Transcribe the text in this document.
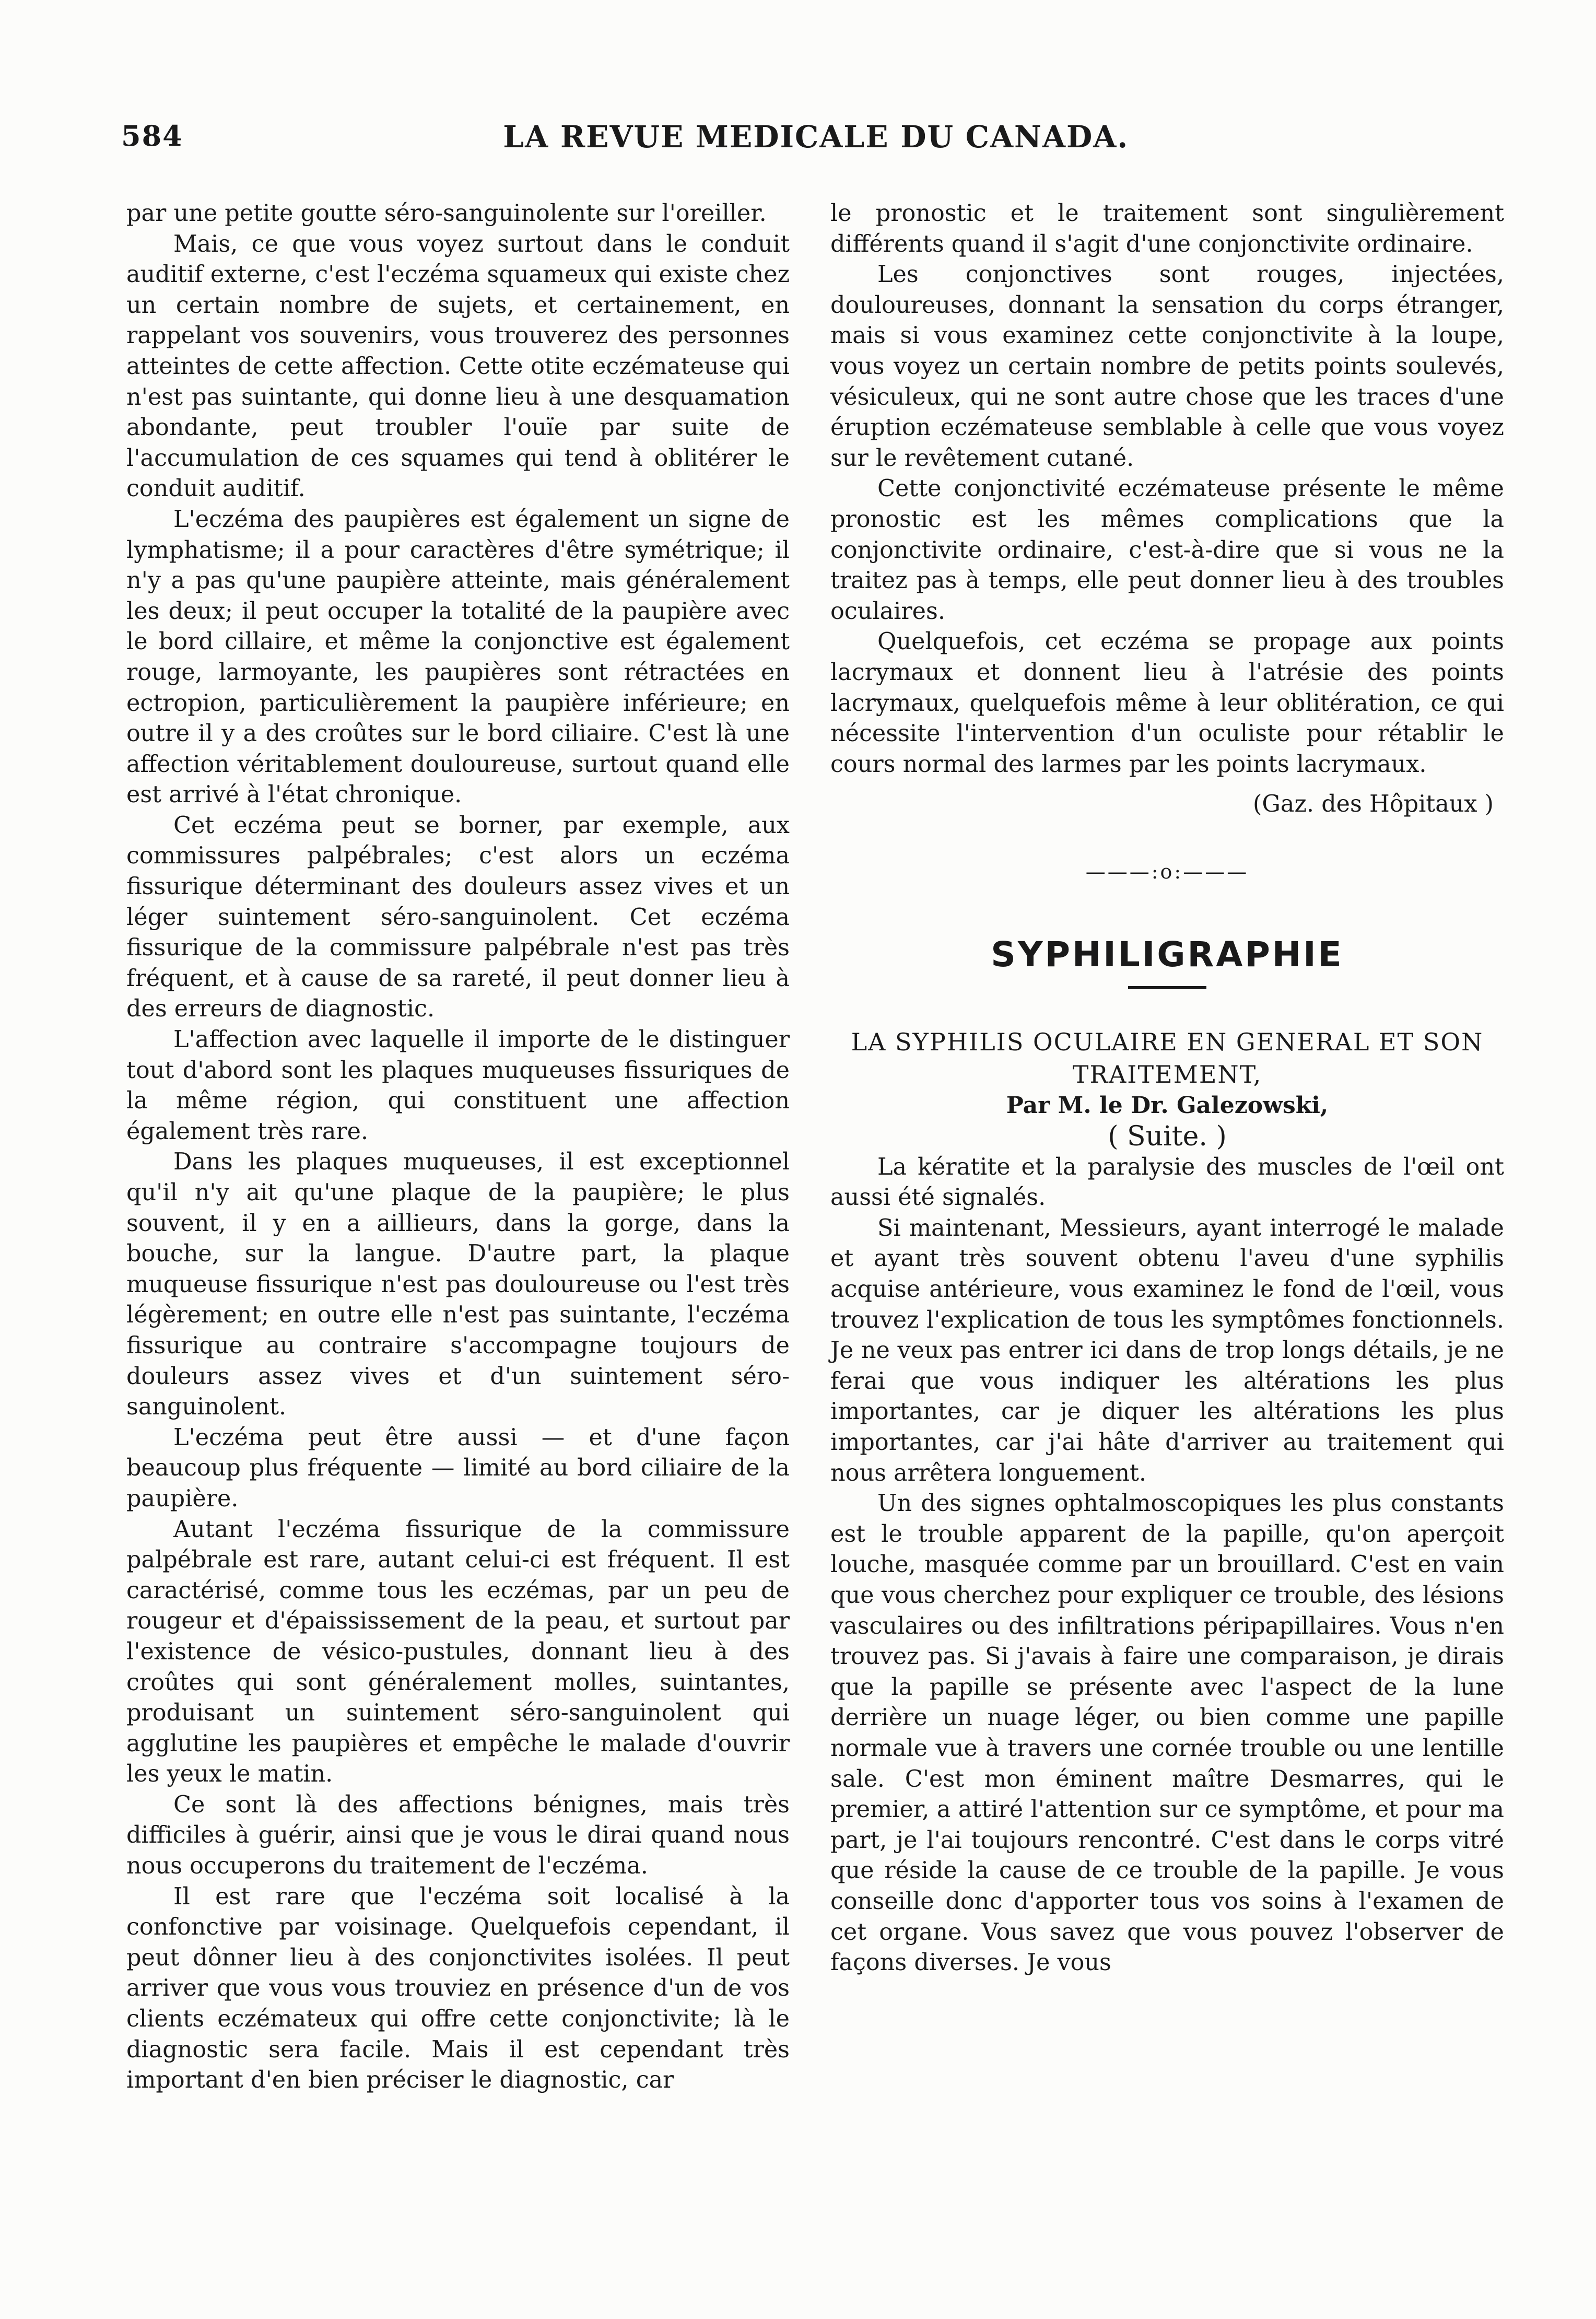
584	LA REVUE MEDICALE DU CANADA.

par une petite goutte séro-sanguinolente sur l'oreiller.

Mais, ce que vous voyez surtout dans le conduit auditif externe, c'est l'eczéma squameux qui existe chez un certain nombre de sujets, et certainement, en rappelant vos souvenirs, vous trouverez des personnes atteintes de cette affection. Cette otite eczémateuse qui n'est pas suintante, qui donne lieu à une desquamation abondante, peut troubler l'ouïe par suite de l'accumulation de ces squames qui tend à oblitérer le conduit auditif.

L'eczéma des paupières est également un signe de lymphatisme; il a pour caractères d'être symétrique; il n'y a pas qu'une paupière atteinte, mais généralement les deux; il peut occuper la totalité de la paupière avec le bord cillaire, et même la conjonctive est également rouge, larmoyante, les paupières sont rétractées en ectropion, particulièrement la paupière inférieure; en outre il y a des croûtes sur le bord ciliaire. C'est là une affection véritablement douloureuse, surtout quand elle est arrivé à l'état chronique.

Cet eczéma peut se borner, par exemple, aux commissures palpébrales; c'est alors un eczéma fissurique déterminant des douleurs assez vives et un léger suintement séro-sanguinolent. Cet eczéma fissurique de la commissure palpébrale n'est pas très fréquent, et à cause de sa rareté, il peut donner lieu à des erreurs de diagnostic.

L'affection avec laquelle il importe de le distinguer tout d'abord sont les plaques muqueuses fissuriques de la même région, qui constituent une affection également très rare.

Dans les plaques muqueuses, il est exceptionnel qu'il n'y ait qu'une plaque de la paupière; le plus souvent, il y en a aillieurs, dans la gorge, dans la bouche, sur la langue. D'autre part, la plaque muqueuse fissurique n'est pas douloureuse ou l'est très légèrement; en outre elle n'est pas suintante, l'eczéma fissurique au contraire s'accompagne toujours de douleurs assez vives et d'un suintement séro-sanguinolent.

L'eczéma peut être aussi — et d'une façon beaucoup plus fréquente — limité au bord ciliaire de la paupière.

Autant l'eczéma fissurique de la commissure palpébrale est rare, autant celui-ci est fréquent. Il est caractérisé, comme tous les eczémas, par un peu de rougeur et d'épaississement de la peau, et surtout par l'existence de vésico-pustules, donnant lieu à des croûtes qui sont généralement molles, suintantes, produisant un suintement séro-sanguinolent qui agglutine les paupières et empêche le malade d'ouvrir les yeux le matin.

Ce sont là des affections bénignes, mais très difficiles à guérir, ainsi que je vous le dirai quand nous nous occuperons du traitement de l'eczéma.

Il est rare que l'eczéma soit localisé à la confonctive par voisinage. Quelquefois cependant, il peut dônner lieu à des conjonctivites isolées. Il peut arriver que vous vous trouviez en présence d'un de vos clients eczémateux qui offre cette conjonctivite; là le diagnostic sera facile. Mais il est cependant très important d'en bien préciser le diagnostic, car

le pronostic et le traitement sont singulièrement différents quand il s'agit d'une conjonctivite ordinaire.

Les conjonctives sont rouges, injectées, douloureuses, donnant la sensation du corps étranger, mais si vous examinez cette conjonctivite à la loupe, vous voyez un certain nombre de petits points soulevés, vésiculeux, qui ne sont autre chose que les traces d'une éruption eczémateuse semblable à celle que vous voyez sur le revêtement cutané.

Cette conjonctivité eczémateuse présente le même pronostic est les mêmes complications que la conjonctivite ordinaire, c'est-à-dire que si vous ne la traitez pas à temps, elle peut donner lieu à des troubles oculaires.

Quelquefois, cet eczéma se propage aux points lacrymaux et donnent lieu à l'atrésie des points lacrymaux, quelquefois même à leur oblitération, ce qui nécessite l'intervention d'un oculiste pour rétablir le cours normal des larmes par les points lacrymaux.

(Gaz. des Hôpitaux )

———:o:———
SYPHILIGRAPHIE

LA SYPHILIS OCULAIRE EN GENERAL ET SON TRAITEMENT,

Par M. le Dr. Galezowski,

( Suite. )

La kératite et la paralysie des muscles de l'œil ont aussi été signalés.

Si maintenant, Messieurs, ayant interrogé le malade et ayant très souvent obtenu l'aveu d'une syphilis acquise antérieure, vous examinez le fond de l'œil, vous trouvez l'explication de tous les symptômes fonctionnels. Je ne veux pas entrer ici dans de trop longs détails, je ne ferai que vous indiquer les altérations les plus importantes, car je diquer les altérations les plus importantes, car j'ai hâte d'arriver au traitement qui nous arrêtera longuement.

Un des signes ophtalmoscopiques les plus constants est le trouble apparent de la papille, qu'on aperçoit louche, masquée comme par un brouillard. C'est en vain que vous cherchez pour expliquer ce trouble, des lésions vasculaires ou des infiltrations péripapillaires. Vous n'en trouvez pas. Si j'avais à faire une comparaison, je dirais que la papille se présente avec l'aspect de la lune derrière un nuage léger, ou bien comme une papille normale vue à travers une cornée trouble ou une lentille sale. C'est mon éminent maître Desmarres, qui le premier, a attiré l'attention sur ce symptôme, et pour ma part, je l'ai toujours rencontré. C'est dans le corps vitré que réside la cause de ce trouble de la papille. Je vous conseille donc d'apporter tous vos soins à l'examen de cet organe. Vous savez que vous pouvez l'observer de façons diverses. Je vous
